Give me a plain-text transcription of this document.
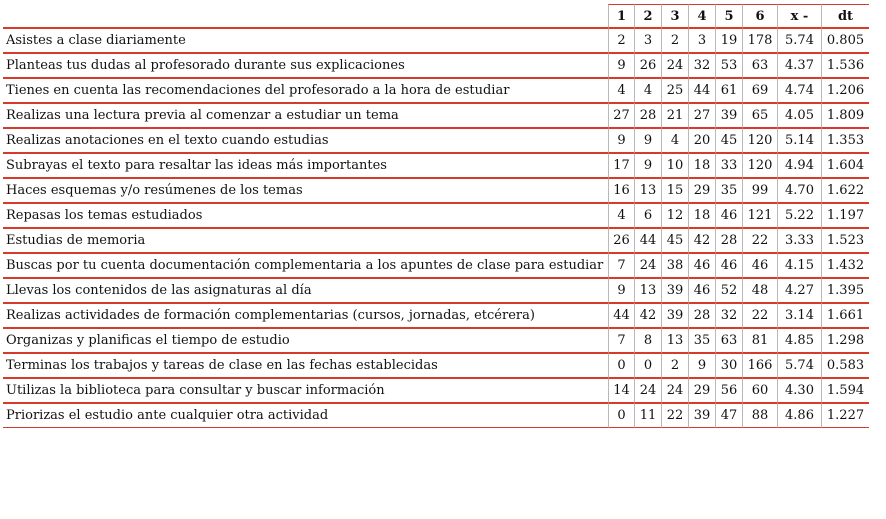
	1	2	3	4	5	6	x -	dt
Asistes a clase diariamente	2	3	2	3	19	178	5.74	0.805
Planteas tus dudas al profesorado durante sus explicaciones	9	26	24	32	53	63	4.37	1.536
Tienes en cuenta las recomendaciones del profesorado a la hora de estudiar	4	4	25	44	61	69	4.74	1.206
Realizas una lectura previa al comenzar a estudiar un tema	27	28	21	27	39	65	4.05	1.809
Realizas anotaciones en el texto cuando estudias	9	9	4	20	45	120	5.14	1.353
Subrayas el texto para resaltar las ideas más importantes	17	9	10	18	33	120	4.94	1.604
Haces esquemas y/o resúmenes de los temas	16	13	15	29	35	99	4.70	1.622
Repasas los temas estudiados	4	6	12	18	46	121	5.22	1.197
Estudias de memoria	26	44	45	42	28	22	3.33	1.523
Buscas por tu cuenta documentación complementaria a los apuntes de clase para estudiar	7	24	38	46	46	46	4.15	1.432
Llevas los contenidos de las asignaturas al día	9	13	39	46	52	48	4.27	1.395
Realizas actividades de formación complementarias (cursos, jornadas, etcérera)	44	42	39	28	32	22	3.14	1.661
Organizas y planificas el tiempo de estudio	7	8	13	35	63	81	4.85	1.298
Terminas los trabajos y tareas de clase en las fechas establecidas	0	0	2	9	30	166	5.74	0.583
Utilizas la biblioteca para consultar y buscar información	14	24	24	29	56	60	4.30	1.594
Priorizas el estudio ante cualquier otra actividad	0	11	22	39	47	88	4.86	1.227
